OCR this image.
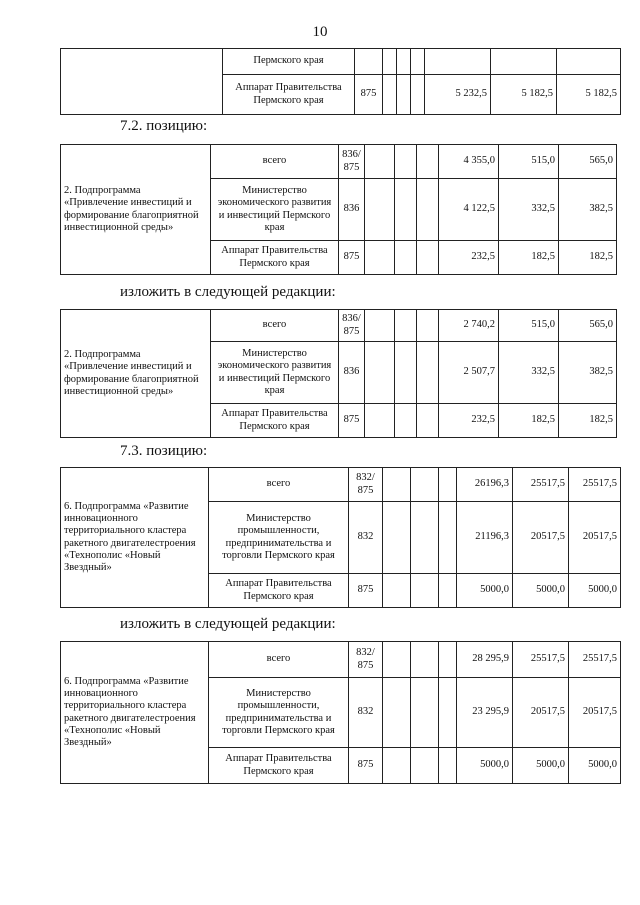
10
	Пермского края							
	Аппарат Правительства Пермского края	875				5 232,5	5 182,5	5 182,5
7.2. позицию:
2. Подпрограмма «Привлечение инвестиций и формирование благоприятной инвестиционной среды»	всего	836/ 875				4 355,0	515,0	565,0
	Министерство экономического развития и инвестиций Пермского края	836				4 122,5	332,5	382,5
	Аппарат Правительства Пермского края	875				232,5	182,5	182,5
изложить в следующей редакции:
2. Подпрограмма «Привлечение инвестиций и формирование благоприятной инвестиционной среды»	всего	836/ 875				2 740,2	515,0	565,0
	Министерство экономического развития и инвестиций Пермского края	836				2 507,7	332,5	382,5
	Аппарат Правительства Пермского края	875				232,5	182,5	182,5
7.3. позицию:
6. Подпрограмма «Развитие инновационного территориального кластера ракетного двигателестроения «Технополис «Новый Звездный»	всего	832/ 875				26196,3	25517,5	25517,5
	Министерство промышленности, предпринимательства и торговли Пермского края	832				21196,3	20517,5	20517,5
	Аппарат Правительства Пермского края	875				5000,0	5000,0	5000,0
изложить в следующей редакции:
6. Подпрограмма «Развитие инновационного территориального кластера ракетного двигателестроения «Технополис «Новый Звездный»	всего	832/ 875				28 295,9	25517,5	25517,5
	Министерство промышленности, предпринимательства и торговли Пермского края	832				23 295,9	20517,5	20517,5
	Аппарат Правительства Пермского края	875				5000,0	5000,0	5000,0
